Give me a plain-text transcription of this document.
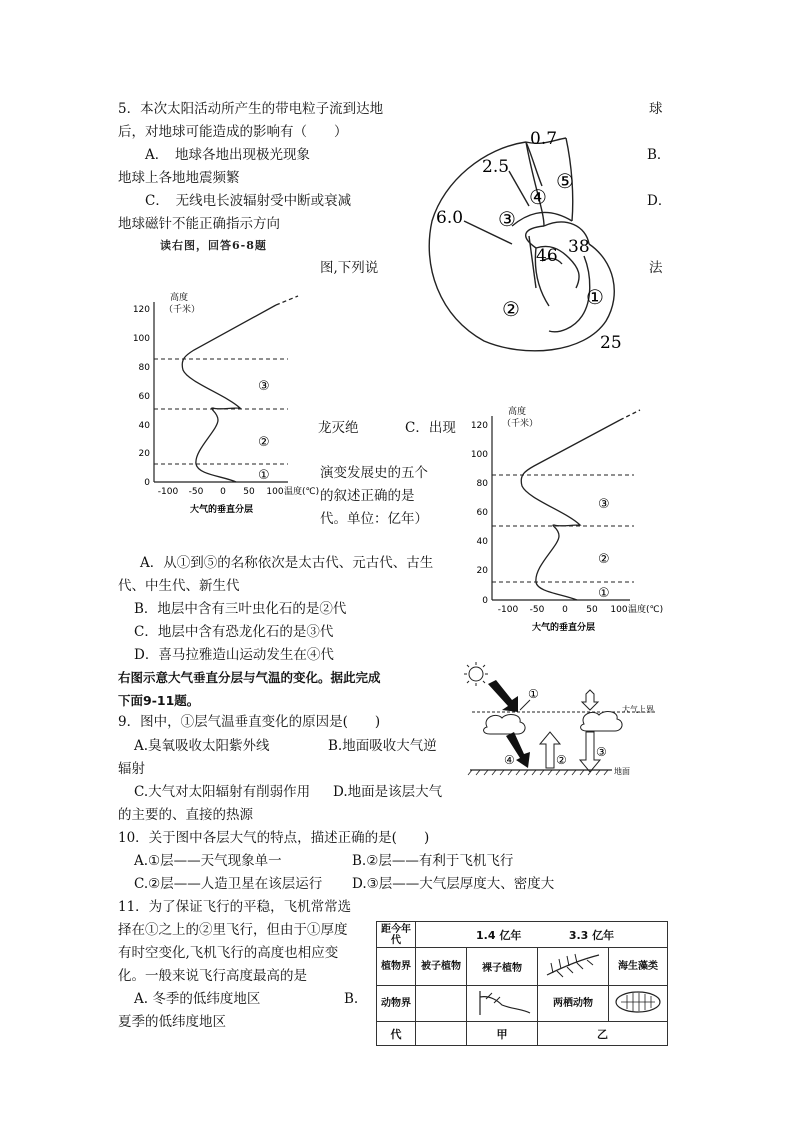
5．本次太阳活动所产生的带电粒子流到达地	球
后，对地球可能造成的影响有（　　）
A．　地球各地出现极光现象	B．
地球上各地地震频繁
C．　无线电长波辐射受中断或衰减	D．
地球磁针不能正确指示方向
读右图，回答6-8题
图,下列说	法
0.7
2.5
6.0
46 38
25
①
②
③
④
⑤
高度
（千米）
120
100
80
60
40
20
0
-100 -50 0 50 100 温度(℃)
③
②
①
大气的垂直分层
龙灭绝	C．出现
演变发展史的五个
的叙述正确的是
代。单位：亿年）
高度
（千米）
120
100
80
60
40
20
0
-100 -50 0 50 100 温度(℃)
③
②
①
大气的垂直分层
A．从①到⑤的名称依次是太古代、元古代、古生
代、中生代、新生代
B．地层中含有三叶虫化石的是②代
C．地层中含有恐龙化石的是③代
D．喜马拉雅造山运动发生在④代
右图示意大气垂直分层与气温的变化。据此完成
下面9-11题。
大气上界
①
④	②
③
地面
9．图中，①层气温垂直变化的原因是(　　)
A.臭氧吸收太阳紫外线	B.地面吸收大气逆
辐射
C.大气对太阳辐射有削弱作用 D.地面是该层大气
的主要的、直接的热源
10．关于图中各层大气的特点，描述正确的是(　　)
A.①层——天气现象单一	B.②层——有利于飞机飞行
C.②层——人造卫星在该层运行 D.③层——大气层厚度大、密度大
11．为了保证飞行的平稳，飞机常常选
择在①之上的②里飞行，但由于①厚度
有时空变化,飞机飞行的高度也相应变
化。一般来说飞行高度最高的是
A. 冬季的低纬度地区	B.
夏季的低纬度地区
距今年代	1.4 亿年 3.3 亿年			
植物界	被子植物	裸子植物		海生藻类
动物界			两栖动物	
代		甲	乙	
